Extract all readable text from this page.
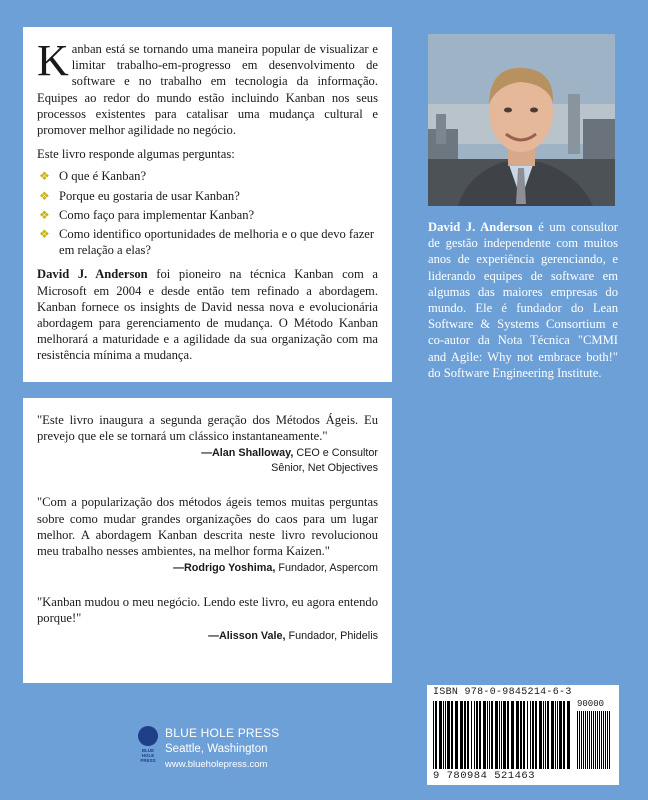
Kanban está se tornando uma maneira popular de visualizar e limitar trabalho-em-progresso em desenvolvimento de software e no trabalho em tecnologia da informação. Equipes ao redor do mundo estão incluindo Kanban nos seus processos existentes para catalisar uma mudança cultural e promover melhor agilidade no negócio.

Este livro responde algumas perguntas:

❖ O que é Kanban?
❖ Porque eu gostaria de usar Kanban?
❖ Como faço para implementar Kanban?
❖ Como identifico oportunidades de melhoria e o que devo fazer em relação a elas?

David J. Anderson foi pioneiro na técnica Kanban com a Microsoft em 2004 e desde então tem refinado a abordagem. Kanban fornece os insights de David nessa nova e evolucionária abordagem para gerenciamento de mudança. O Método Kanban melhorará a maturidade e a agilidade da sua organização com ma resistência mínima a mudança.

David J. Anderson é um consultor de gestão independente com muitos anos de experiência gerenciando, e liderando equipes de software em algumas das maiores empresas do mundo. Ele é fundador do Lean Software & Systems Consortium e co-autor da Nota Técnica "CMMI and Agile: Why not embrace both!" do Software Engineering Institute.

"Este livro inaugura a segunda geração dos Métodos Ágeis. Eu prevejo que ele se tornará um clássico instantaneamente."

—Alan Shalloway, CEO e Consultor
Sênior, Net Objectives

"Com a popularização dos métodos ágeis temos muitas perguntas sobre como mudar grandes organizações do caos para um lugar melhor. A abordagem Kanban descrita neste livro revolucionou meu trabalho nesses ambientes, na melhor forma Kaizen."

—Rodrigo Yoshima, Fundador, Aspercom

"Kanban mudou o meu negócio. Lendo este livro, eu agora entendo porque!"

—Alisson Vale, Fundador, Phidelis

BLUE
HOLE
PRESS
BLUE HOLE PRESS
Seattle, Washington
www.blueholepress.com
ISBN 978-0-9845214-6-3
90000
9 780984 521463
